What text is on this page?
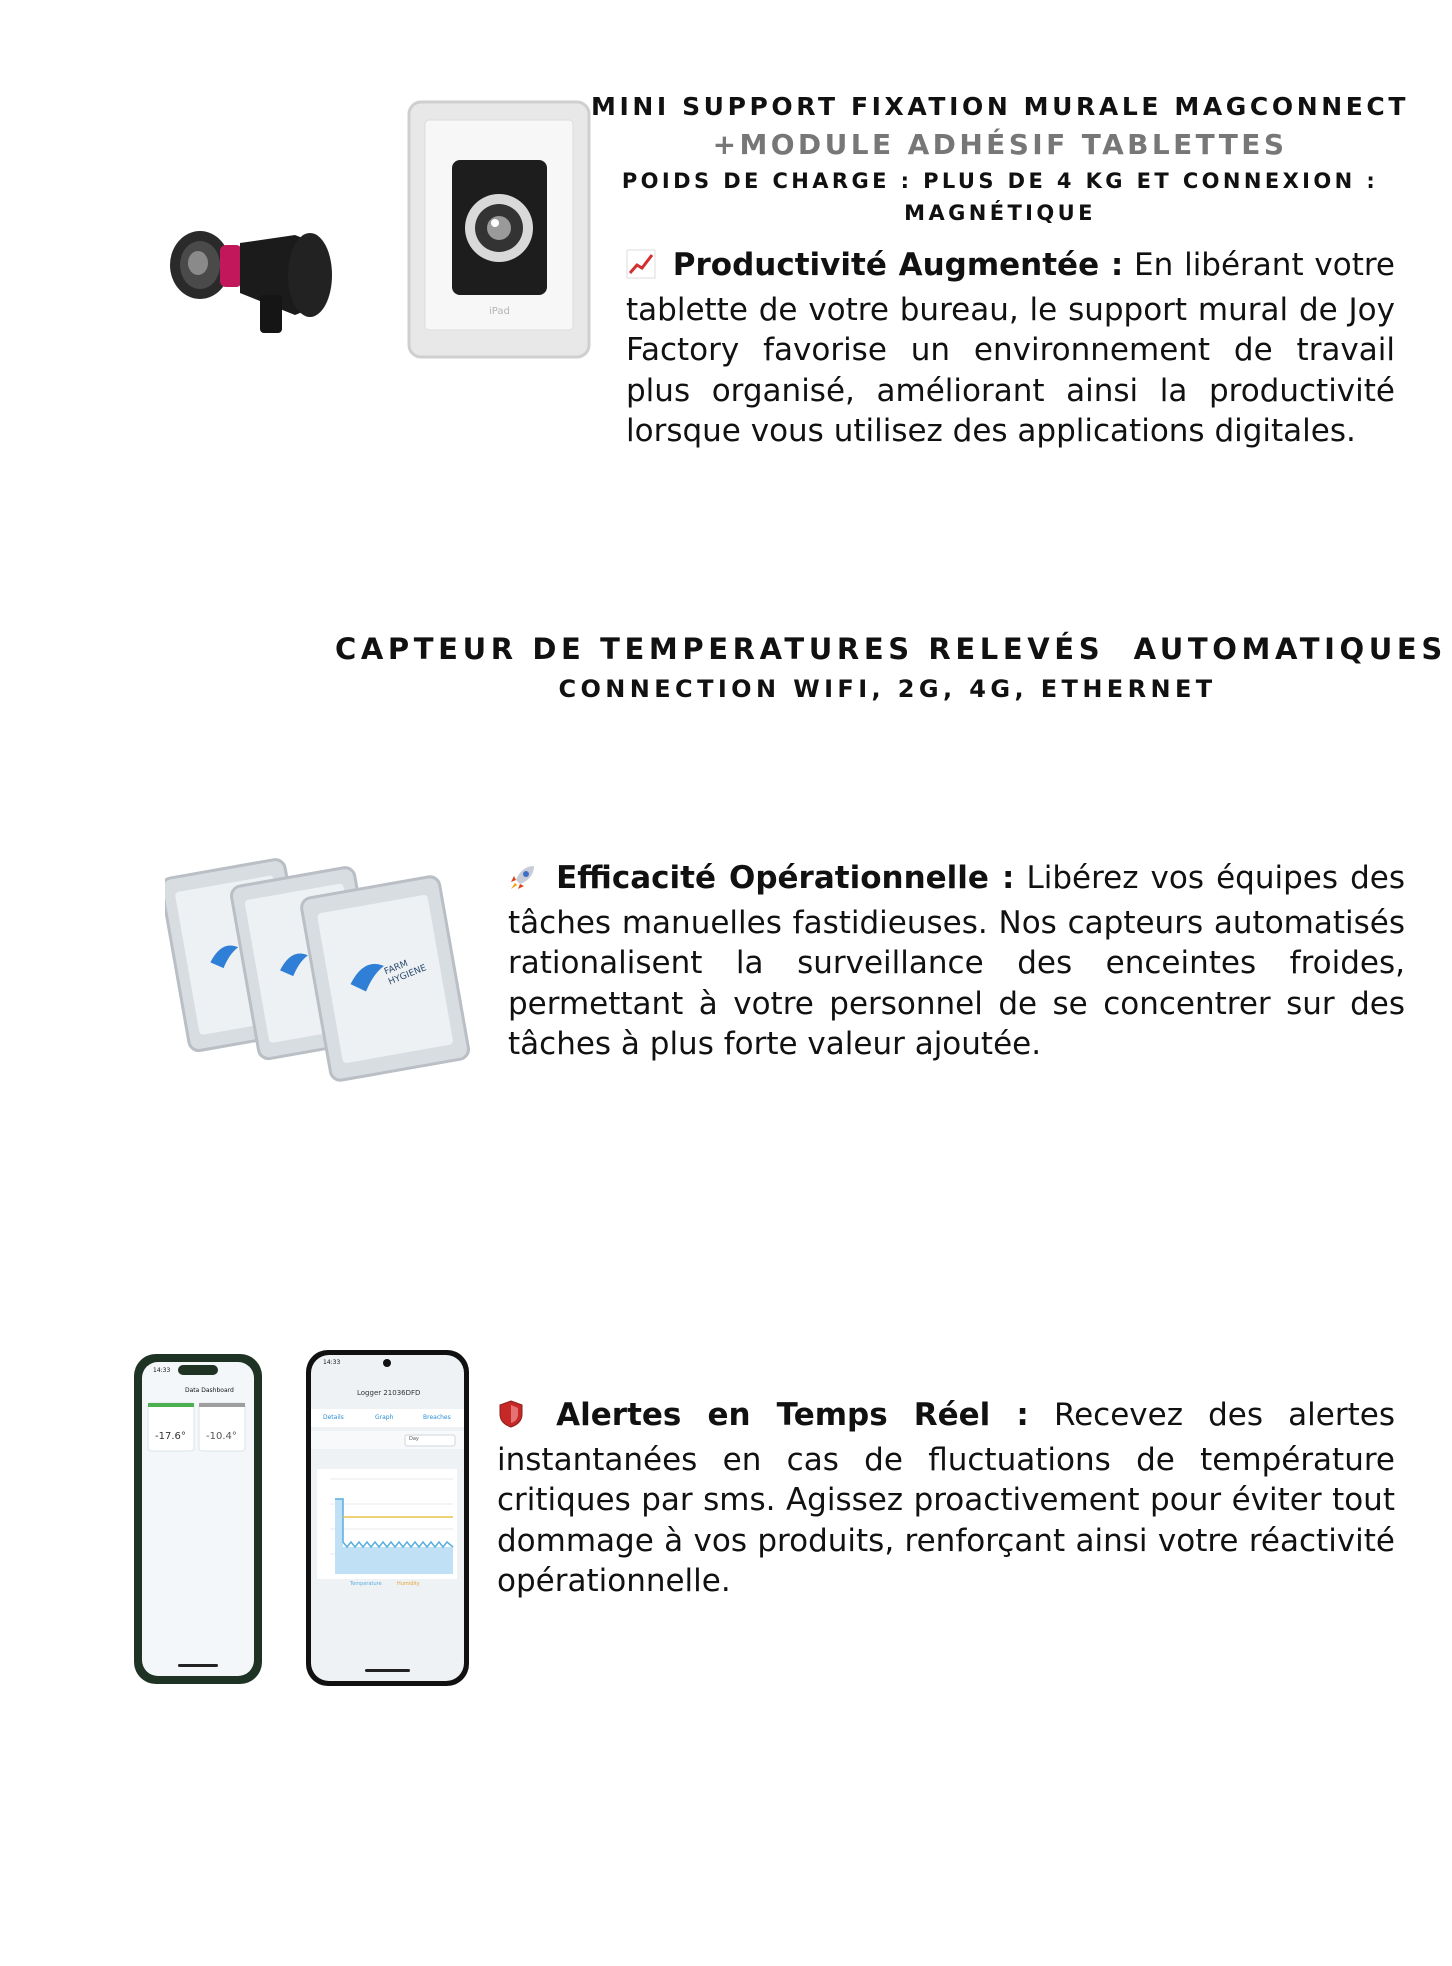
iPad
MINI SUPPORT FIXATION MURALE MAGCONNECT
+MODULE ADHÉSIF TABLETTES
POIDS DE CHARGE : PLUS DE 4 KG ET CONNEXION :
MAGNÉTIQUE
Productivité Augmentée : En libérant votre tablette de votre bureau, le support mural de Joy Factory favorise un environnement de travail plus organisé, améliorant ainsi la productivité lorsque vous utilisez des applications digitales.
CAPTEUR DE TEMPERATURES RELEVÉS  AUTOMATIQUES
CONNECTION WIFI, 2G, 4G, ETHERNET
FARM HYGIENE
Efficacité Opérationnelle : Libérez vos équipes des tâches manuelles fastidieuses. Nos capteurs automatisés rationalisent la surveillance des enceintes froides, permettant à votre personnel de se concentrer sur des tâches à plus forte valeur ajoutée.
14:33
Data Dashboard
-17.6° -10.4°
14:33
Logger 21036DFD
Details	Graph	Breaches
Day
Temperature	Humidity
Alertes en Temps Réel : Recevez des alertes instantanées en cas de fluctuations de température critiques par sms. Agissez proactivement pour éviter tout dommage à vos produits, renforçant ainsi votre réactivité opérationnelle.
